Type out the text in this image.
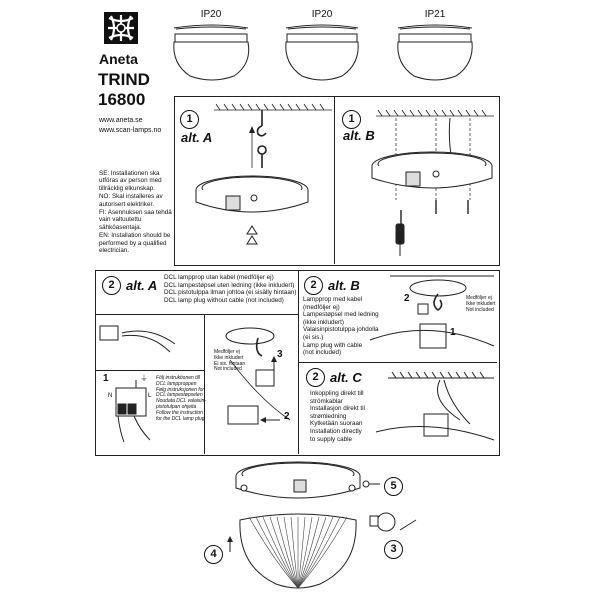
Aneta
TRIND
16800
www.aneta.se
www.scan-lamps.no

SE: Installationen ska utföras av person med tillräcklig elkunskap.

NO: Skal installeres av autorisert elektriker.

FI: Asennuksen saa tehdä vain valtuutettu sähköasentaja.

EN: Installation should be performed by a qualified electrician.

IP20	IP20	IP21
1
alt. A
1
alt. B
2 alt. A
DCL lampprop utan kabel (medföljer ej)
DCL lampestøpsel uten ledning (ikke inkludert)
DCL pistotulppa ilman johtoa (ei sisälly hintaan)
DCL lamp plug without cable (not included)
1
N
⏚
L
Följ instruktionen till
DCL lampproppen
Følg instruksjonen for
DCL lampestøpselen
Noudata DCL valaisin-
pistotulpan ohjeita
Follow the instruction
for the DCL lamp plug
Medföljer ej
Ikke inkludert
Ei sis. hintaan
Not included
3
2
2 alt. B
Lampprop med kabel
(medföljer ej)
Lampestøpsel med ledning
(ikke inkludert)
Valaisinpistotulppa johdolla
(ei sis.)
Lamp plug with cable
(not included)
Medföljer ej
Ikke inkludert
Not included
2
1
2 alt. C
Inkoppling direkt till
strömkablar
Installasjon direkt til
strømledning
Kytketään suoraan
Installation directly
to supply cable
5
3
4
